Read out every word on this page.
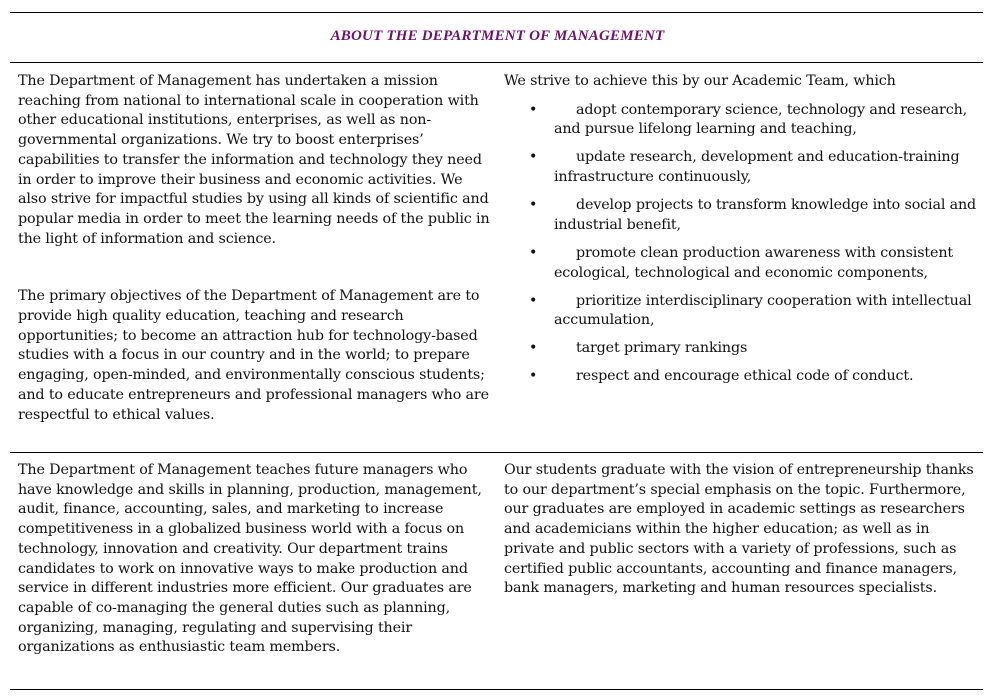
ABOUT THE DEPARTMENT OF MANAGEMENT

The Department of Management has undertaken a mission reaching from national to international scale in cooperation with other educational institutions, enterprises, as well as non-governmental organizations. We try to boost enterprises’ capabilities to transfer the information and technology they need in order to improve their business and economic activities. We also strive for impactful studies by using all kinds of scientific and popular media in order to meet the learning needs of the public in the light of information and science.

The primary objectives of the Department of Management are to provide high quality education, teaching and research opportunities; to become an attraction hub for technology-based studies with a focus in our country and in the world; to prepare engaging, open-minded, and environmentally conscious students; and to educate entrepreneurs and professional managers who are respectful to ethical values.

We strive to achieve this by our Academic Team, which

•	adopt contemporary science, technology and research, and pursue lifelong learning and teaching,
•	update research, development and education-training infrastructure continuously,
•	develop projects to transform knowledge into social and industrial benefit,
•	promote clean production awareness with consistent ecological, technological and economic components,
•	prioritize interdisciplinary cooperation with intellectual accumulation,
•	target primary rankings
•	respect and encourage ethical code of conduct.

The Department of Management teaches future managers who have knowledge and skills in planning, production, management, audit, finance, accounting, sales, and marketing to increase competitiveness in a globalized business world with a focus on technology, innovation and creativity. Our department trains candidates to work on innovative ways to make production and service in different industries more efficient. Our graduates are capable of co-managing the general duties such as planning, organizing, managing, regulating and supervising their organizations as enthusiastic team members.

Our students graduate with the vision of entrepreneurship thanks to our department’s special emphasis on the topic. Furthermore, our graduates are employed in academic settings as researchers and academicians within the higher education; as well as in private and public sectors with a variety of professions, such as certified public accountants, accounting and finance managers, bank managers, marketing and human resources specialists.
